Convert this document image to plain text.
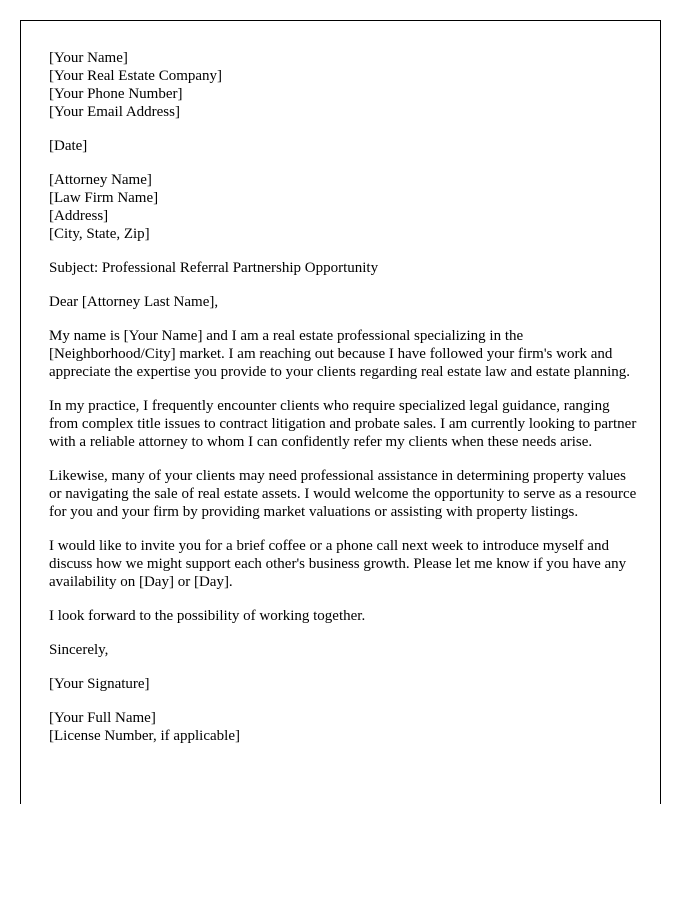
[Your Name]
[Your Real Estate Company]
[Your Phone Number]
[Your Email Address]
[Date]
[Attorney Name]
[Law Firm Name]
[Address]
[City, State, Zip]

Subject: Professional Referral Partnership Opportunity

Dear [Attorney Last Name],

My name is [Your Name] and I am a real estate professional specializing in the [Neighborhood/City] market. I am reaching out because I have followed your firm's work and appreciate the expertise you provide to your clients regarding real estate law and estate planning.

In my practice, I frequently encounter clients who require specialized legal guidance, ranging from complex title issues to contract litigation and probate sales. I am currently looking to partner with a reliable attorney to whom I can confidently refer my clients when these needs arise.

Likewise, many of your clients may need professional assistance in determining property values or navigating the sale of real estate assets. I would welcome the opportunity to serve as a resource for you and your firm by providing market valuations or assisting with property listings.

I would like to invite you for a brief coffee or a phone call next week to introduce myself and discuss how we might support each other's business growth. Please let me know if you have any availability on [Day] or [Day].

I look forward to the possibility of working together.

Sincerely,

[Your Signature]

[Your Full Name]
[License Number, if applicable]
